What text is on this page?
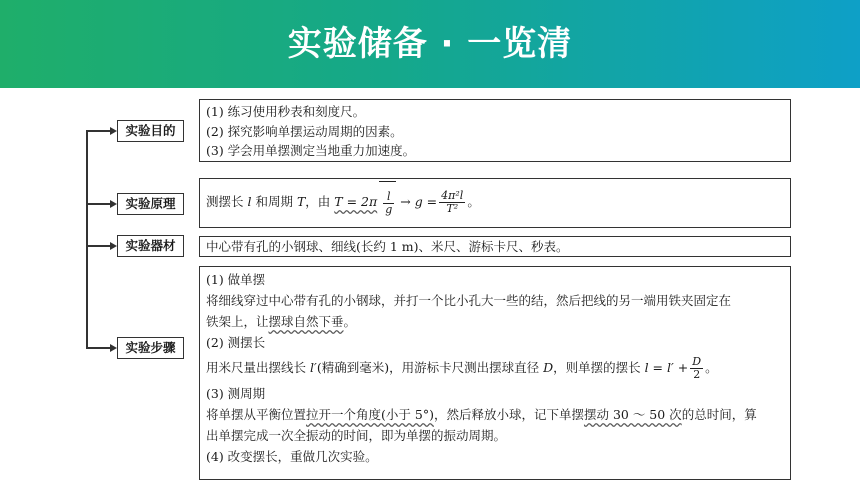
实验储备 · 一览清
实验目的
实验原理
实验器材
实验步骤
(1) 练习使用秒表和刻度尺。
(2) 探究影响单摆运动周期的因素。
(3) 学会用单摆测定当地重力加速度。
测摆长 l 和周期 T，由 $T = 2\pi \frac{l}{g} \to g = \frac{\text{4π²l}}{\text{T²}}$ 。
中心带有孔的小钢球、细线(长约 1 m)、米尺、游标卡尺、秒表。
(1) 做单摆
将细线穿过中心带有孔的小钢球，并打一个比小孔大一些的结，然后把线的另一端用铁夹固定在
铁架上，让摆球自然下垂。
(2) 测摆长
用米尺量出摆线长 l′(精确到毫米)，用游标卡尺测出摆球直径 D，则单摆的摆长 $l = l' + \frac{D}{2}$ 。
(3) 测周期
将单摆从平衡位置拉开一个角度(小于 5°)，然后释放小球，记下单摆摆动 30 ～ 50 次的总时间，算
出单摆完成一次全振动的时间，即为单摆的振动周期。
(4) 改变摆长，重做几次实验。
